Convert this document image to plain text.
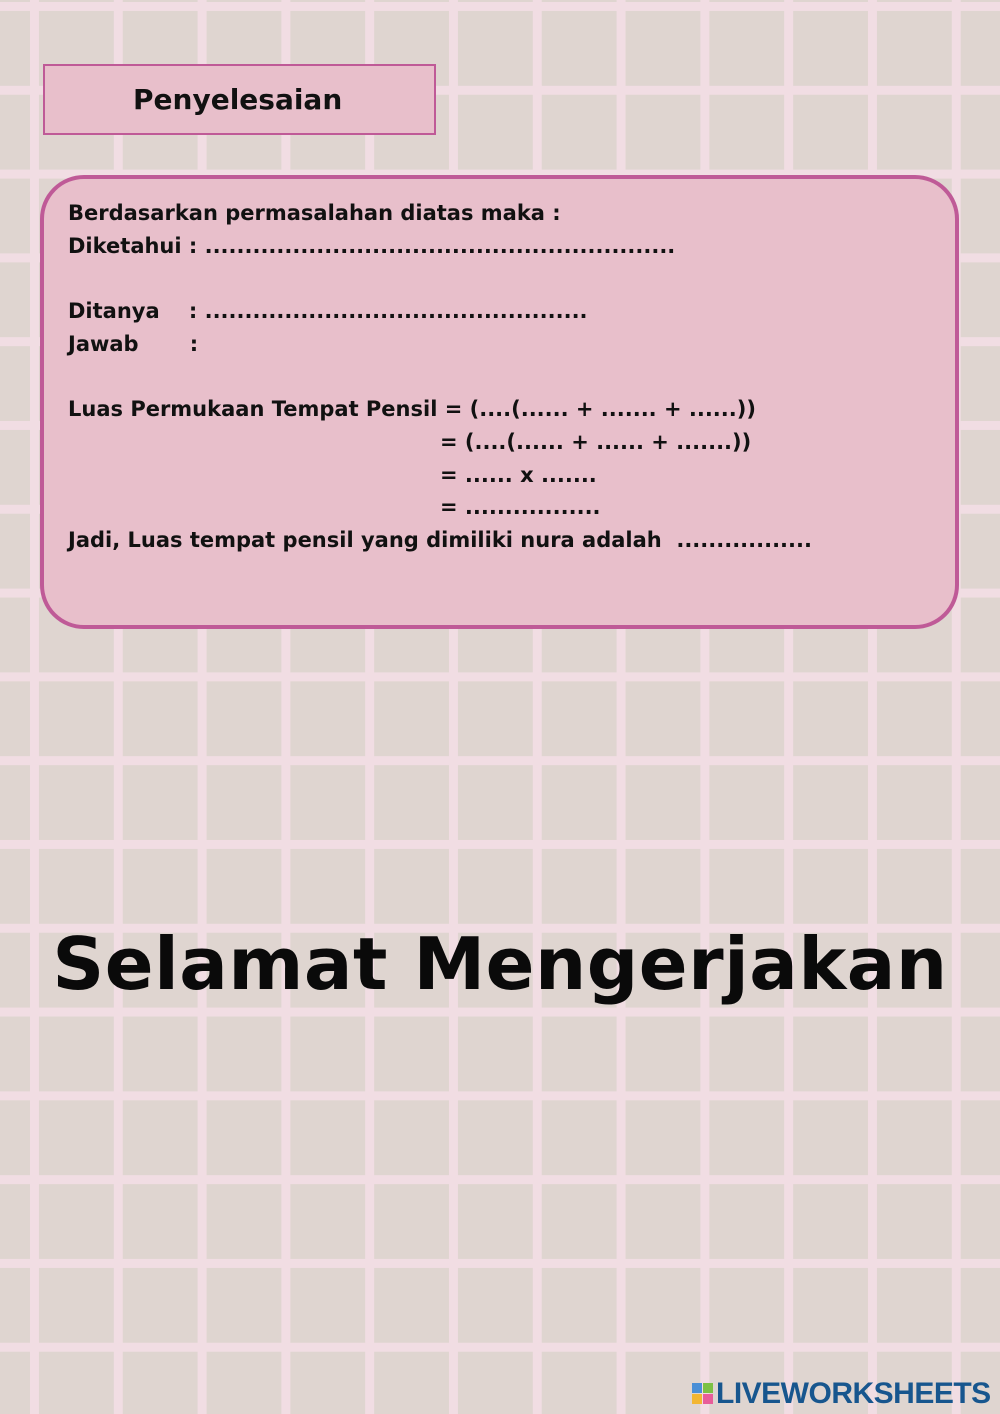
Penyelesaian
Berdasarkan permasalahan diatas maka :
Diketahui : ...........................................................
Ditanya    : ................................................
Jawab       :
Luas Permukaan Tempat Pensil = (....(...... + ....... + ......))
= (....(...... + ...... + .......))
= ...... x .......
= .................
Jadi, Luas tempat pensil yang dimiliki nura adalah  .................
Selamat Mengerjakan
LIVEWORKSHEETS
